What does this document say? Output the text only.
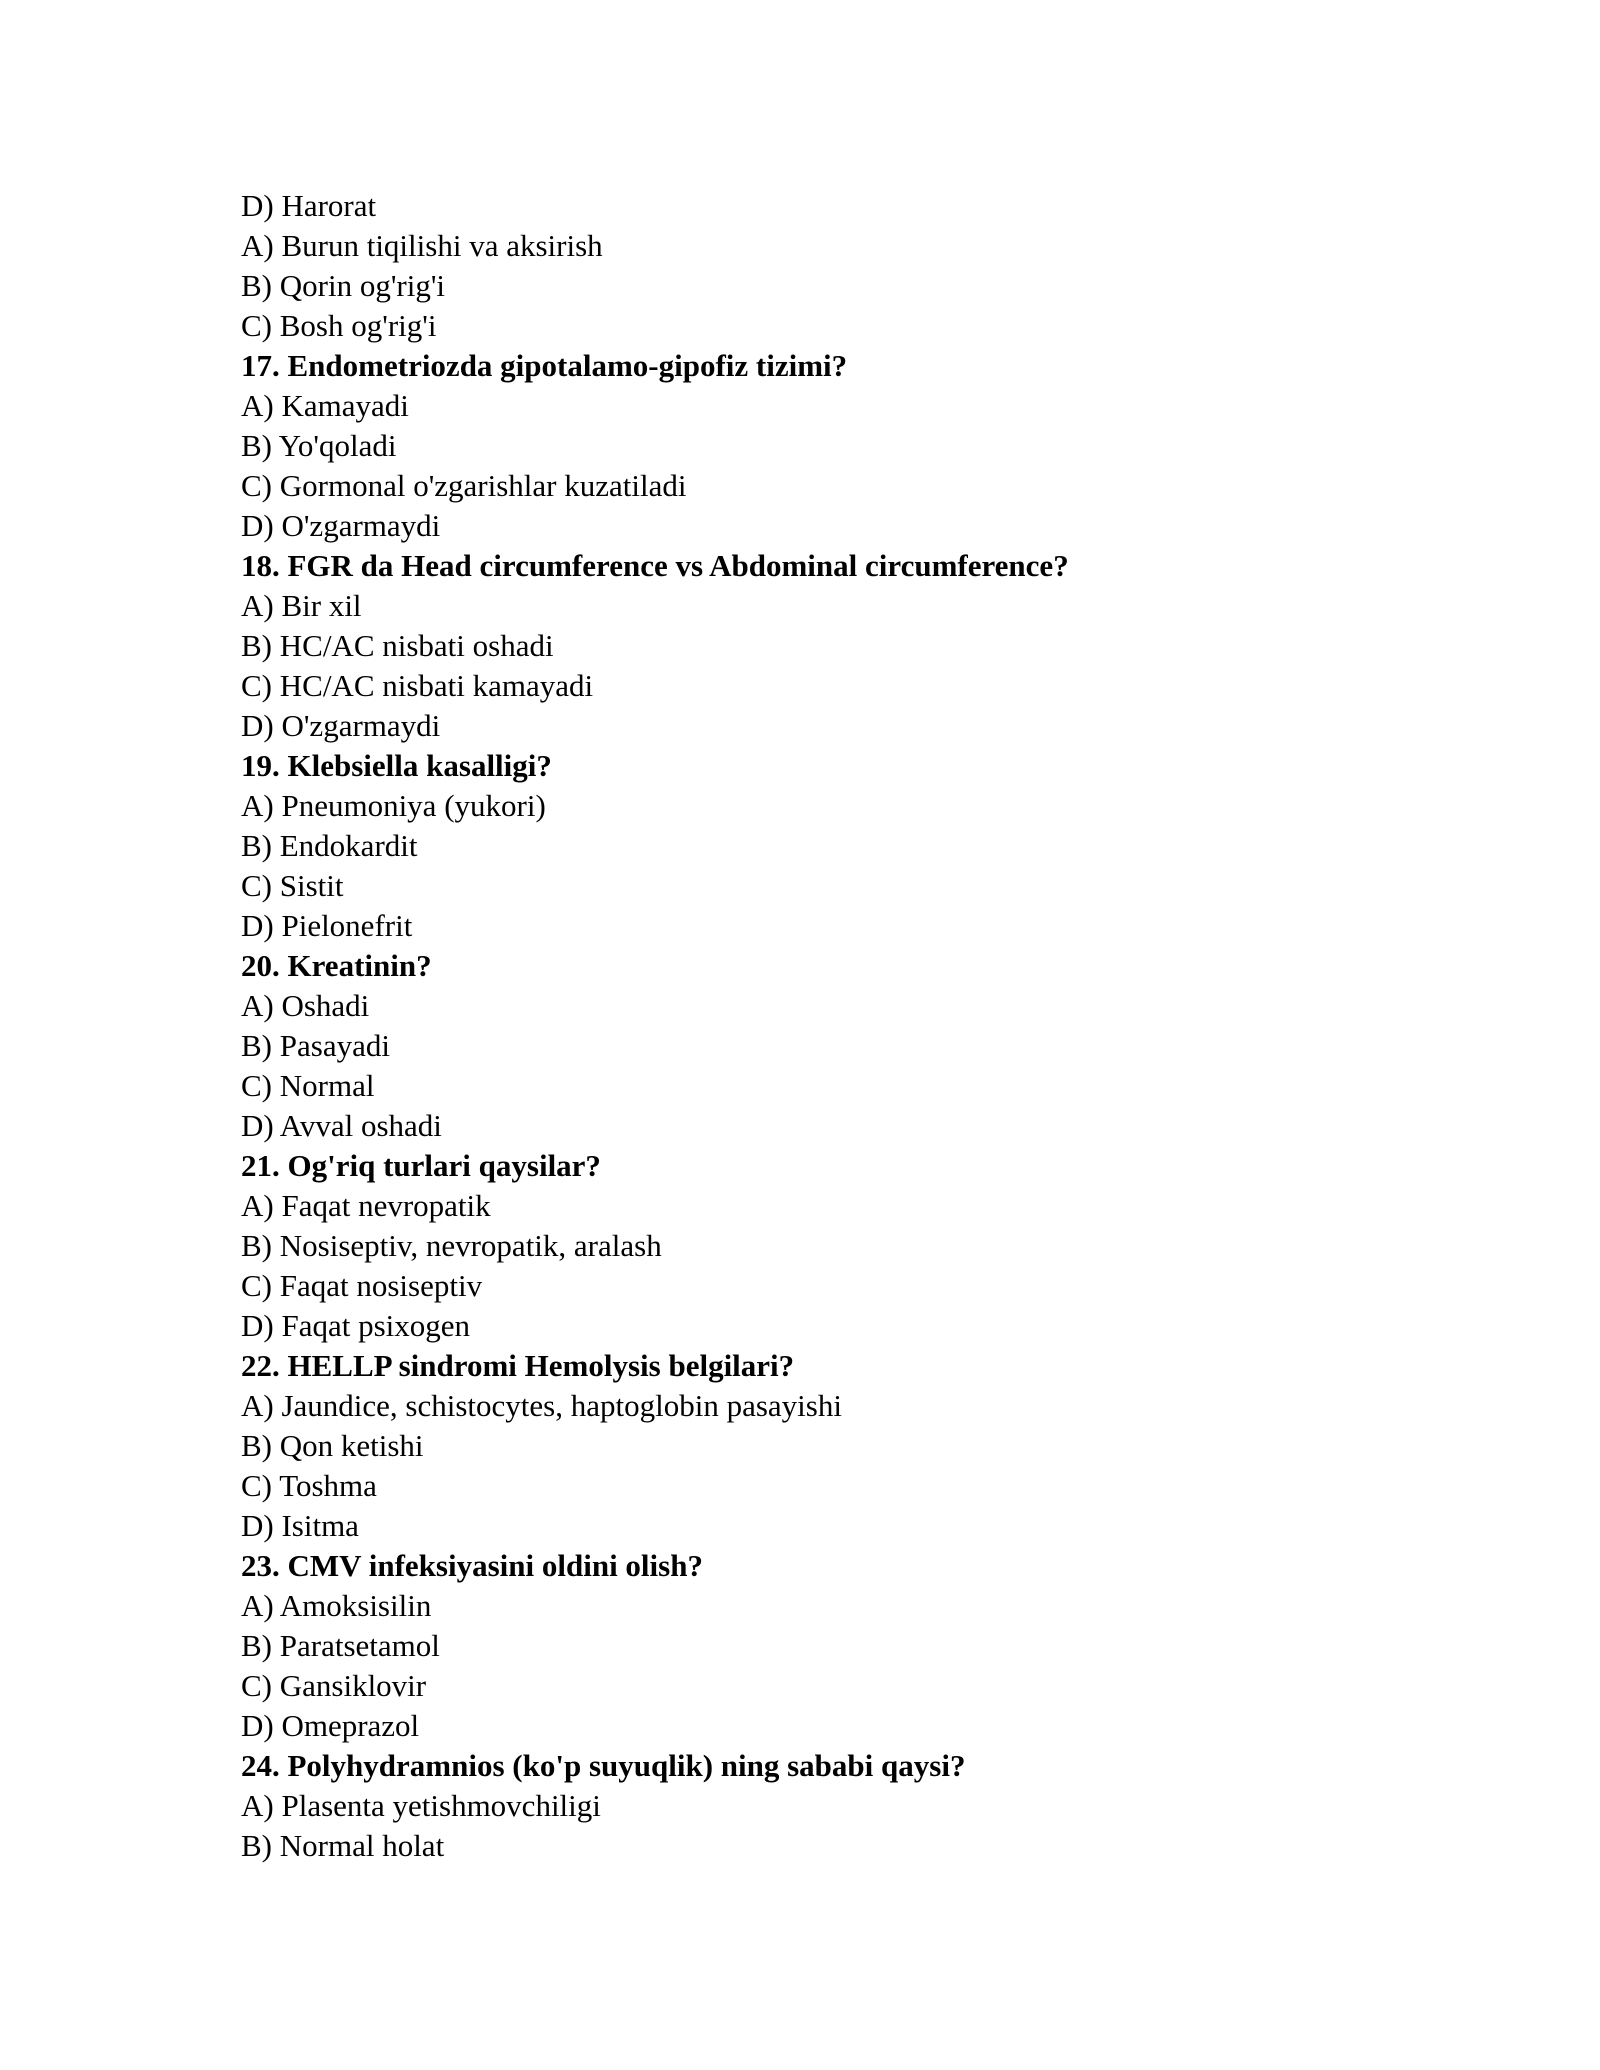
D) Harorat
A) Burun tiqilishi va aksirish
B) Qorin og'rig'i
C) Bosh og'rig'i
17. Endometriozda gipotalamo-gipofiz tizimi?
A) Kamayadi
B) Yo'qoladi
C) Gormonal o'zgarishlar kuzatiladi
D) O'zgarmaydi
18. FGR da Head circumference vs Abdominal circumference?
A) Bir xil
B) HC/AC nisbati oshadi
C) HC/AC nisbati kamayadi
D) O'zgarmaydi
19. Klebsiella kasalligi?
A) Pneumoniya (yukori)
B) Endokardit
C) Sistit
D) Pielonefrit
20. Kreatinin?
A) Oshadi
B) Pasayadi
C) Normal
D) Avval oshadi
21. Og'riq turlari qaysilar?
A) Faqat nevropatik
B) Nosiseptiv, nevropatik, aralash
C) Faqat nosiseptiv
D) Faqat psixogen
22. HELLP sindromi Hemolysis belgilari?
A) Jaundice, schistocytes, haptoglobin pasayishi
B) Qon ketishi
C) Toshma
D) Isitma
23. CMV infeksiyasini oldini olish?
A) Amoksisilin
B) Paratsetamol
C) Gansiklovir
D) Omeprazol
24. Polyhydramnios (ko'p suyuqlik) ning sababi qaysi?
A) Plasenta yetishmovchiligi
B) Normal holat
